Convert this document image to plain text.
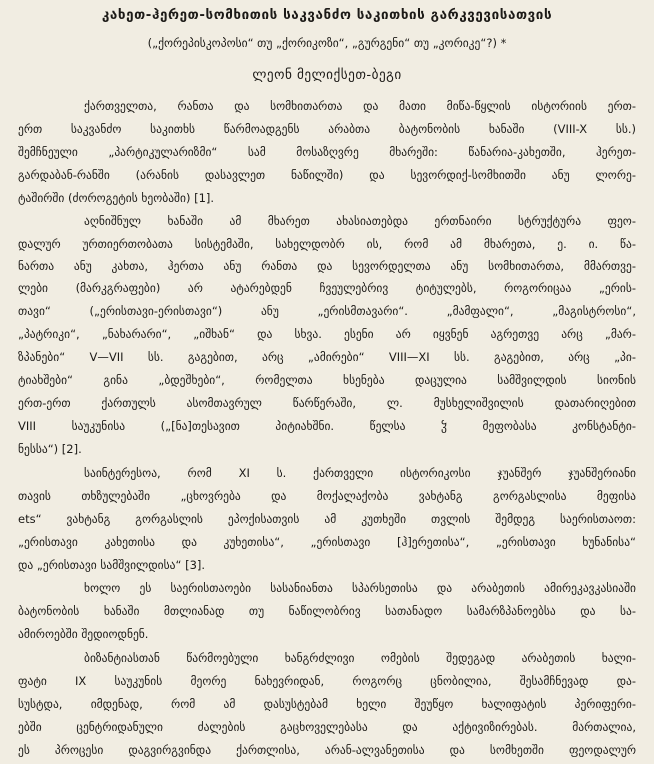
კახეთ-ჰერეთ-სომხითის საკვანძო საკითხის გარკვევისათვის
(„ქორეპისკოპოსი“ თუ „ქორიკოზი“, „გურგენი“ თუ „კორიკე“?) *
ლეონ მელიქსეთ-ბეგი
ქართველთა, რანთა და სომხითართა და მათი მიწა-წყლის ისტორიის ერთ-
ერთ საკვანძო საკითხს წარმოადგენს არაბთა ბატონობის ხანაში (VIII-X სს.)
შემჩნეული „პარტიკულარიზმი“ სამ მოსაზღვრე მხარეში: წანარია-კახეთში, ჰერეთ-
გარდაბან-რანში (არანის დასავლეთ ნაწილში) და სევორდიქ-სომხითში ანუ ლორე-
ტაშირში (ძოროგეტის ხეობაში) [1].
აღნიშნულ ხანაში ამ მხარეთ ახასიათებდა ერთნაირი სტრუქტურა ფეო-
დალურ ურთიერთობათა სისტემაში, სახელდობრ ის, რომ ამ მხარეთა, ე. ი. წა-
ნართა ანუ კახთა, ჰერთა ანუ რანთა და სევორდელთა ანუ სომხითართა, მმართვე-
ლები (მარკგრაფები) არ ატარებდენ ჩვეულებრივ ტიტულებს, როგორიცაა „ერის-
თავი“ („ერისთავი-ერისთავი“) ანუ „ერისმთავარი“. „მამფალი“, „მაგისტროსი“,
„პატრიკი“, „ნახარარი“, „იშხან“ და სხვა. ესენი არ იყვნენ აგრეთვე არც „მარ-
ზპანები“ V—VII სს. გაგებით, არც „ამირები“ VIII—XI სს. გაგებით, არც „პი-
ტიახშები“ გინა „ბდეშხები“, რომელთა ხსენება დაცულია სამშვილდის სიონის
ერთ-ერთ ქართულს ასომთავრულ წარწერაში, ლ. მუსხელიშვილის დათარიღებით
VIII საუკუნისა („[ნა]თესავით პიტიახშნი. წელსა ჴ მეფობასა კონსტანტი-
ნესსა“) [2].
საინტერესოა, რომ XI ს. ქართველი ისტორიკოსი ჯუანშერ ჯუანშერიანი
თავის თხზულებაში „ცხოვრება და მოქალაქობა ვახტანგ გორგასლისა მეფისა
ets“ ვახტანგ გორგასლის ეპოქისათვის ამ კუთხეში თვლის შემდეგ საერისთაოთ:
„ერისთავი კახეთისა და კუხეთისა“, „ერისთავი [ჰ]ერეთისა“, „ერისთავი ხუნანისა“
და „ერისთავი სამშვილდისა“ [3].
ხოლო ეს საერისთაოები სასანიანთა სპარსეთისა და არაბეთის ამირეკავკასიაში
ბატონობის ხანაში მთლიანად თუ ნაწილობრივ სათანადო სამარზპანოებსა და სა-
ამიროებში შედიოდნენ.
ბიზანტიასთან წარმოებული ხანგრძლივი ომების შედეგად არაბეთის ხალი-
ფატი IX საუკუნის მეორე ნახევრიდან, როგორც ცნობილია, შესამჩნევად და-
სუსტდა, იმდენად, რომ ამ დასუსტებამ ხელი შეუწყო ხალიფატის პერიფერი-
ებში ცენტრიდანული ძალების გაცხოველებასა და აქტივიზირებას. მართალია,
ეს პროცესი დაგვირგვინდა ქართლისა, არან-ალვანეთისა და სომხეთში ფეოდალურ
